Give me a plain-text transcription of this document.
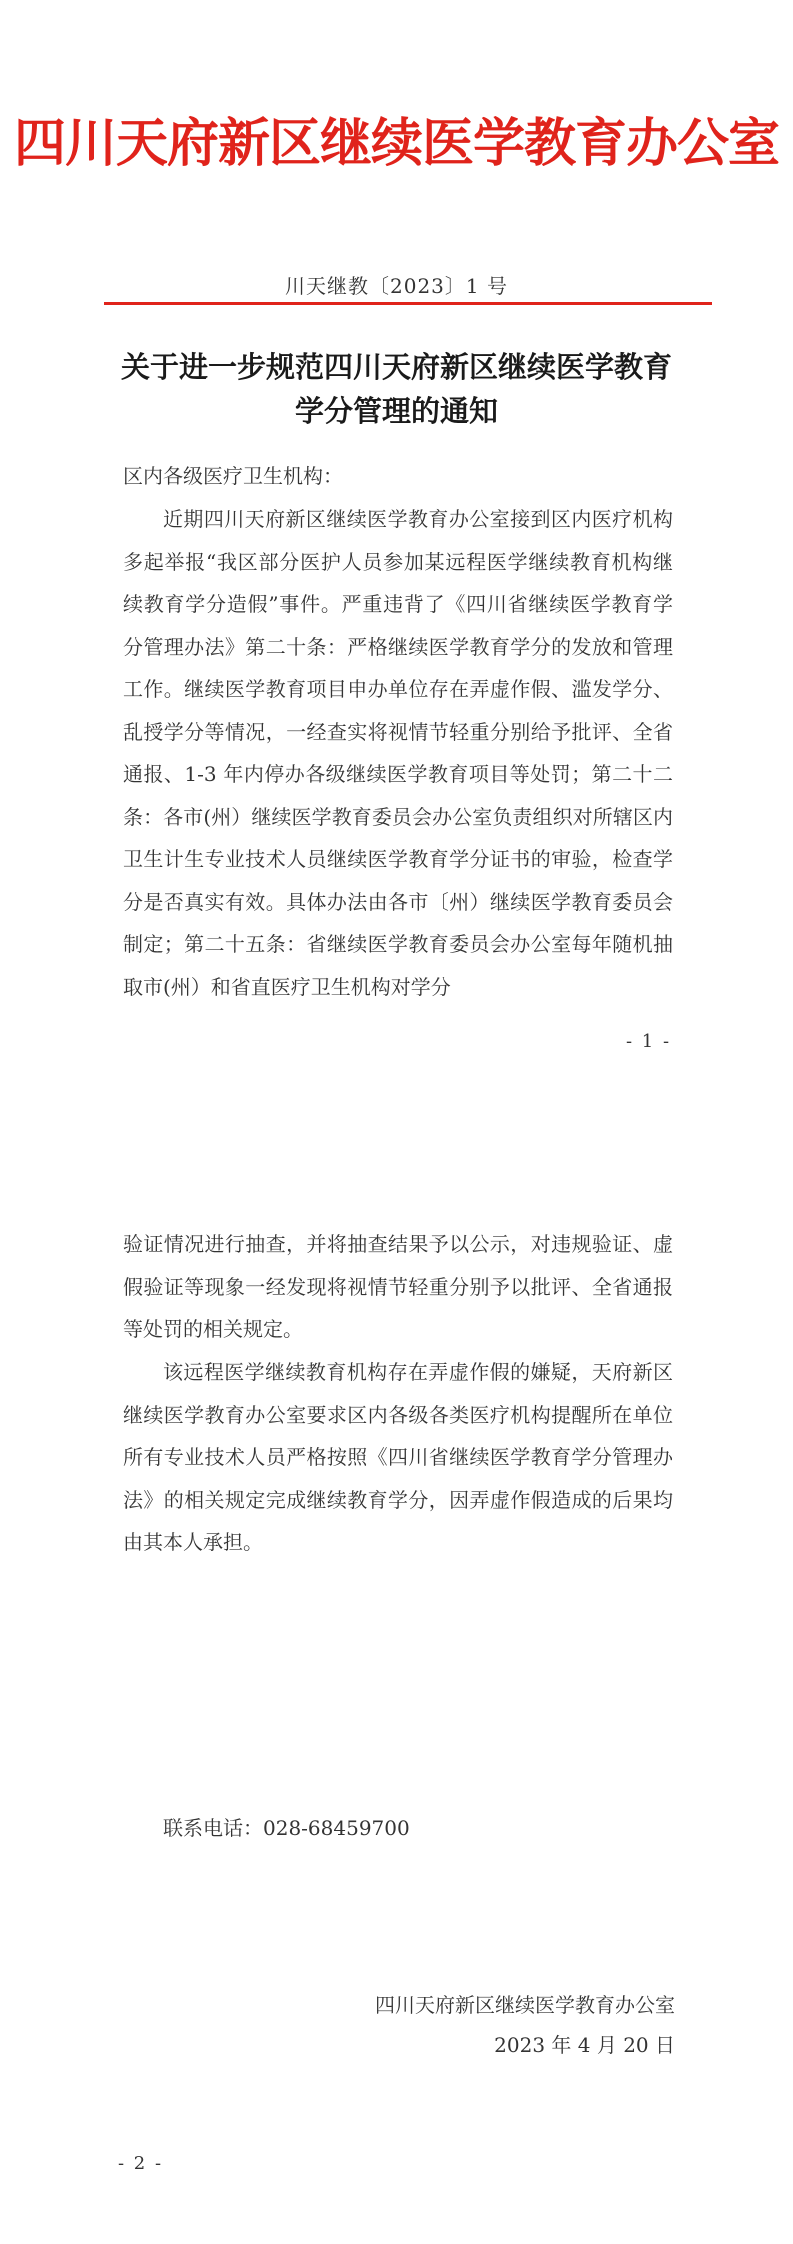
四川天府新区继续医学教育办公室
川天继教〔2023〕1 号
关于进一步规范四川天府新区继续医学教育学分管理的通知
区内各级医疗卫生机构：
近期四川天府新区继续医学教育办公室接到区内医疗机构多起举报“我区部分医护人员参加某远程医学继续教育机构继续教育学分造假”事件。严重违背了《四川省继续医学教育学分管理办法》第二十条：严格继续医学教育学分的发放和管理工作。继续医学教育项目申办单位存在弄虚作假、滥发学分、乱授学分等情况，一经查实将视情节轻重分别给予批评、全省通报、1-3 年内停办各级继续医学教育项目等处罚；第二十二条：各市(州）继续医学教育委员会办公室负责组织对所辖区内卫生计生专业技术人员继续医学教育学分证书的审验，检查学分是否真实有效。具体办法由各市〔州）继续医学教育委员会制定；第二十五条：省继续医学教育委员会办公室每年随机抽取市(州）和省直医疗卫生机构对学分
- 1 -
验证情况进行抽查，并将抽查结果予以公示，对违规验证、虚假验证等现象一经发现将视情节轻重分别予以批评、全省通报等处罚的相关规定。
该远程医学继续教育机构存在弄虚作假的嫌疑，天府新区继续医学教育办公室要求区内各级各类医疗机构提醒所在单位所有专业技术人员严格按照《四川省继续医学教育学分管理办法》的相关规定完成继续教育学分，因弄虚作假造成的后果均由其本人承担。
联系电话：028-68459700
四川天府新区继续医学教育办公室
2023 年 4 月 20 日
- 2 -
